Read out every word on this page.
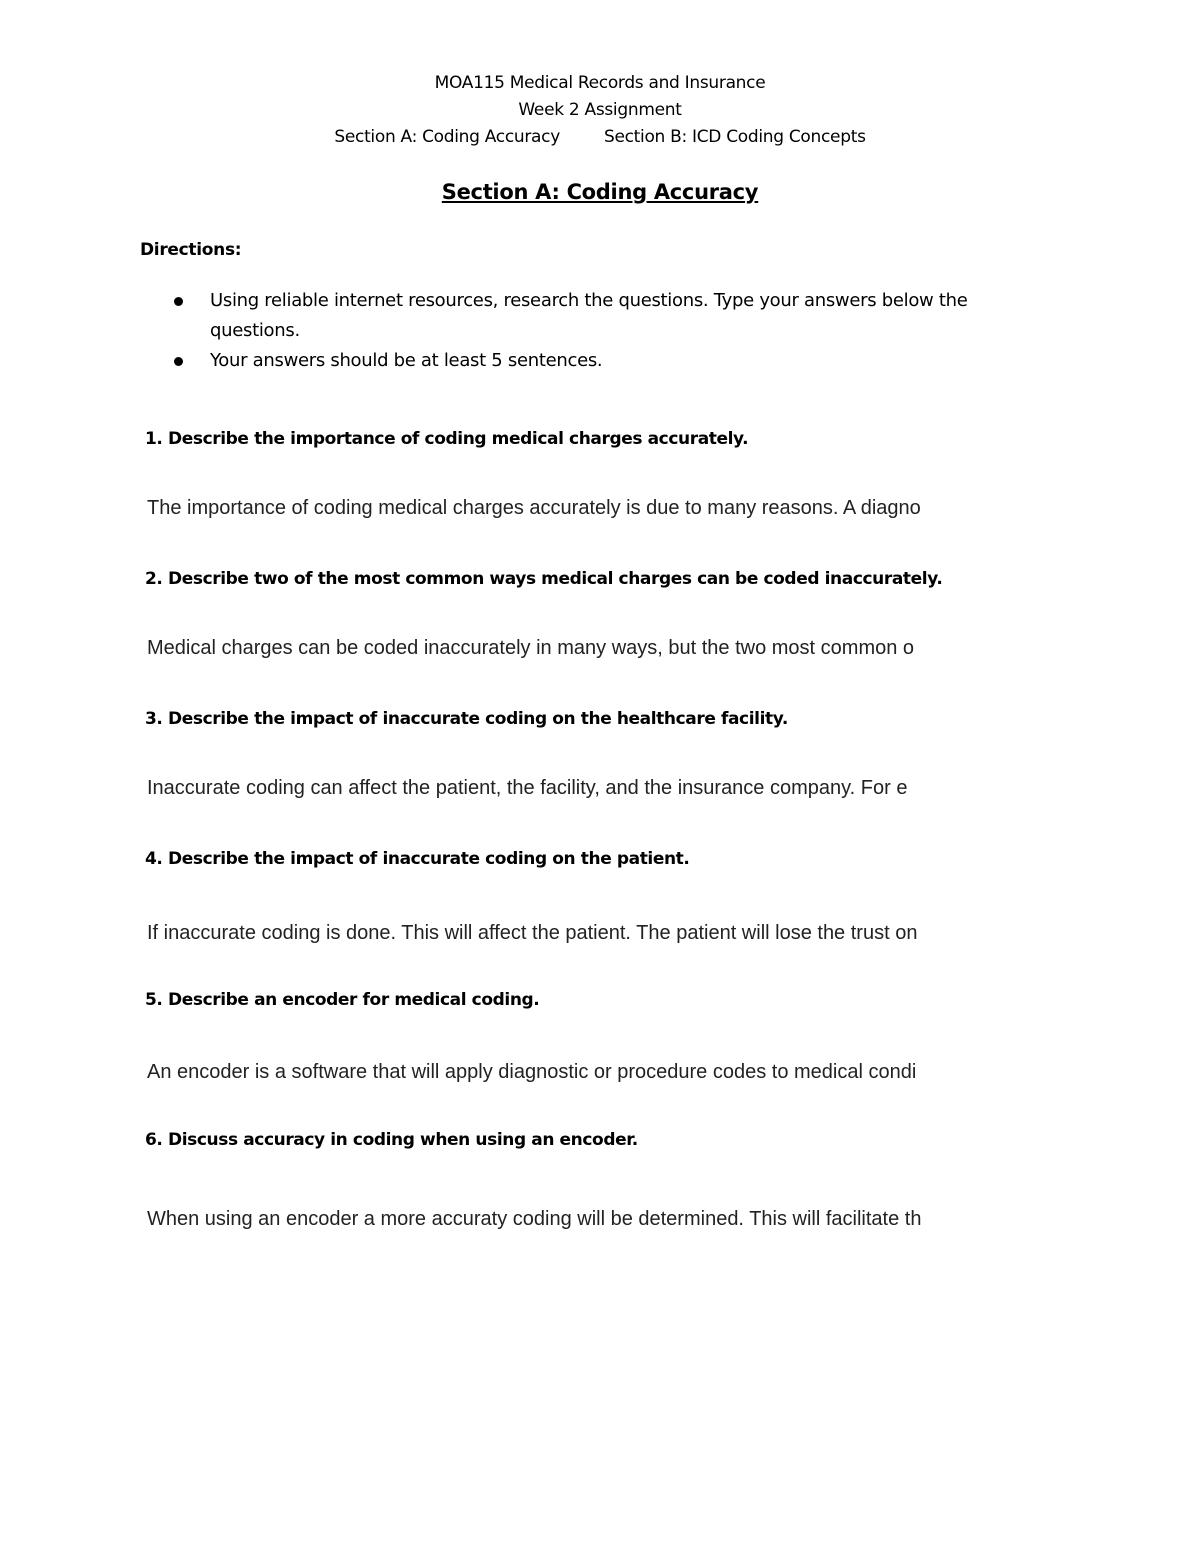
MOA115 Medical Records and Insurance
Week 2 Assignment
Section A: Coding Accuracy	Section B: ICD Coding Concepts
Section A: Coding Accuracy
Directions:
Using reliable internet resources, research the questions. Type your answers below the questions.
Your answers should be at least 5 sentences.
1. Describe the importance of coding medical charges accurately.
The importance of coding medical charges accurately is due to many reasons. A diagno
2. Describe two of the most common ways medical charges can be coded inaccurately.
Medical charges can be coded inaccurately in many ways, but the two most common o
3. Describe the impact of inaccurate coding on the healthcare facility.
Inaccurate coding can affect the patient, the facility, and the insurance company. For e
4. Describe the impact of inaccurate coding on the patient.
If inaccurate coding is done. This will affect the patient. The patient will lose the trust on
5. Describe an encoder for medical coding.
An encoder is a software that will apply diagnostic or procedure codes to medical condi
6. Discuss accuracy in coding when using an encoder.
When using an encoder a more accuraty coding will be determined. This will facilitate th
